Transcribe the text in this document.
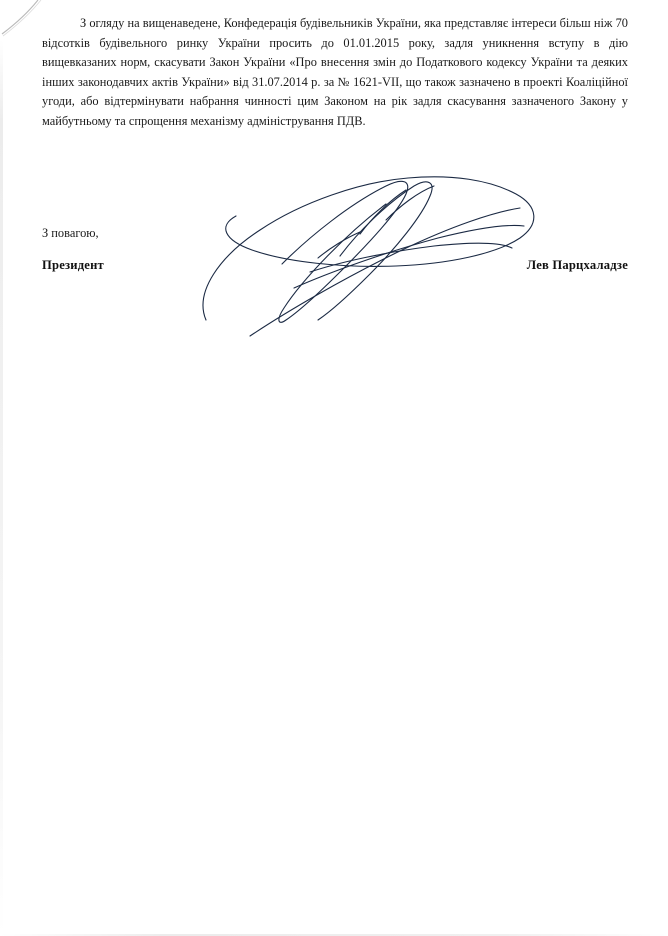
З огляду на вищенаведене, Конфедерація будівельників України, яка представляє інтереси більш ніж 70 відсотків будівельного ринку України просить до 01.01.2015 року, задля уникнення вступу в дію вищевказаних норм, скасувати Закон України «Про внесення змін до Податкового кодексу України та деяких інших законодавчих актів України» від 31.07.2014 р. за № 1621-VII, що також зазначено в проекті Коаліційної угоди, або відтермінувати набрання чинності цим Законом на рік задля скасування зазначеного Закону у майбутньому та спрощення механізму адміністрування ПДВ.

З повагою,
Президент	Лев Парцхаладзе
